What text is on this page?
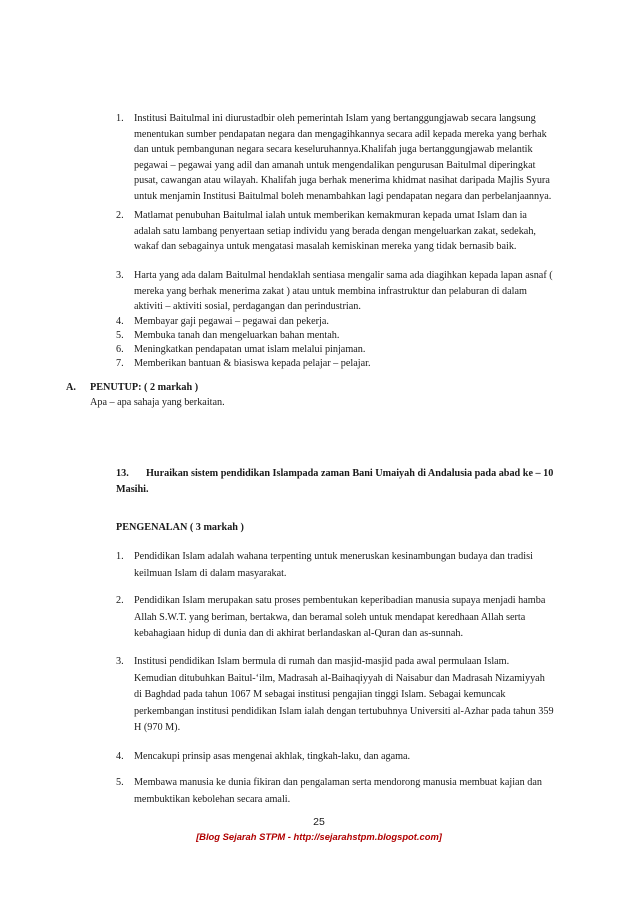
1. Institusi Baitulmal ini diurustadbir oleh pemerintah Islam yang bertanggungjawab secara langsung
menentukan sumber pendapatan negara dan mengagihkannya secara adil kepada mereka yang berhak
dan untuk pembangunan negara secara keseluruhannya.Khalifah juga bertanggungjawab melantik
pegawai – pegawai yang adil dan amanah untuk mengendalikan pengurusan Baitulmal diperingkat
pusat, cawangan atau wilayah. Khalifah juga berhak menerima khidmat nasihat daripada Majlis Syura
untuk menjamin Institusi Baitulmal boleh menambahkan lagi pendapatan negara dan perbelanjaannya.
2. Matlamat penubuhan Baitulmal ialah untuk memberikan kemakmuran kepada umat Islam dan ia
adalah satu lambang penyertaan setiap individu yang berada dengan mengeluarkan zakat, sedekah,
wakaf dan sebagainya untuk mengatasi masalah kemiskinan mereka yang tidak bernasib baik.
3. Harta yang ada dalam Baitulmal hendaklah sentiasa mengalir sama ada diagihkan kepada lapan asnaf (
mereka yang berhak menerima zakat ) atau untuk membina infrastruktur dan pelaburan di dalam
aktiviti – aktiviti sosial, perdagangan dan perindustrian.
4. Membayar gaji pegawai – pegawai dan pekerja.
5. Membuka tanah dan mengeluarkan bahan mentah.
6. Meningkatkan pendapatan umat islam melalui pinjaman.
7. Memberikan bantuan & biasiswa kepada pelajar – pelajar.
A. PENUTUP: ( 2 markah )
Apa – apa sahaja yang berkaitan.
13. Huraikan sistem pendidikan Islampada zaman Bani Umaiyah di Andalusia pada abad ke – 10
Masihi.
PENGENALAN ( 3 markah )
1. Pendidikan Islam adalah wahana terpenting untuk meneruskan kesinambungan budaya dan tradisi
keilmuan Islam di dalam masyarakat.
2. Pendidikan Islam merupakan satu proses pembentukan keperibadian manusia supaya menjadi hamba
Allah S.W.T. yang beriman, bertakwa, dan beramal soleh untuk mendapat keredhaan Allah serta
kebahagiaan hidup di dunia dan di akhirat berlandaskan al-Quran dan as-sunnah.
3. Institusi pendidikan Islam bermula di rumah dan masjid-masjid pada awal permulaan Islam.
Kemudian ditubuhkan Baitul-‘ilm, Madrasah al-Baihaqiyyah di Naisabur dan Madrasah Nizamiyyah
di Baghdad pada tahun 1067 M sebagai institusi pengajian tinggi Islam. Sebagai kemuncak
perkembangan institusi pendidikan Islam ialah dengan tertubuhnya Universiti al-Azhar pada tahun 359
H (970 M).
4. Mencakupi prinsip asas mengenai akhlak, tingkah-laku, dan agama.
5. Membawa manusia ke dunia fikiran dan pengalaman serta mendorong manusia membuat kajian dan
membuktikan kebolehan secara amali.
25
[Blog Sejarah STPM - http://sejarahstpm.blogspot.com]
